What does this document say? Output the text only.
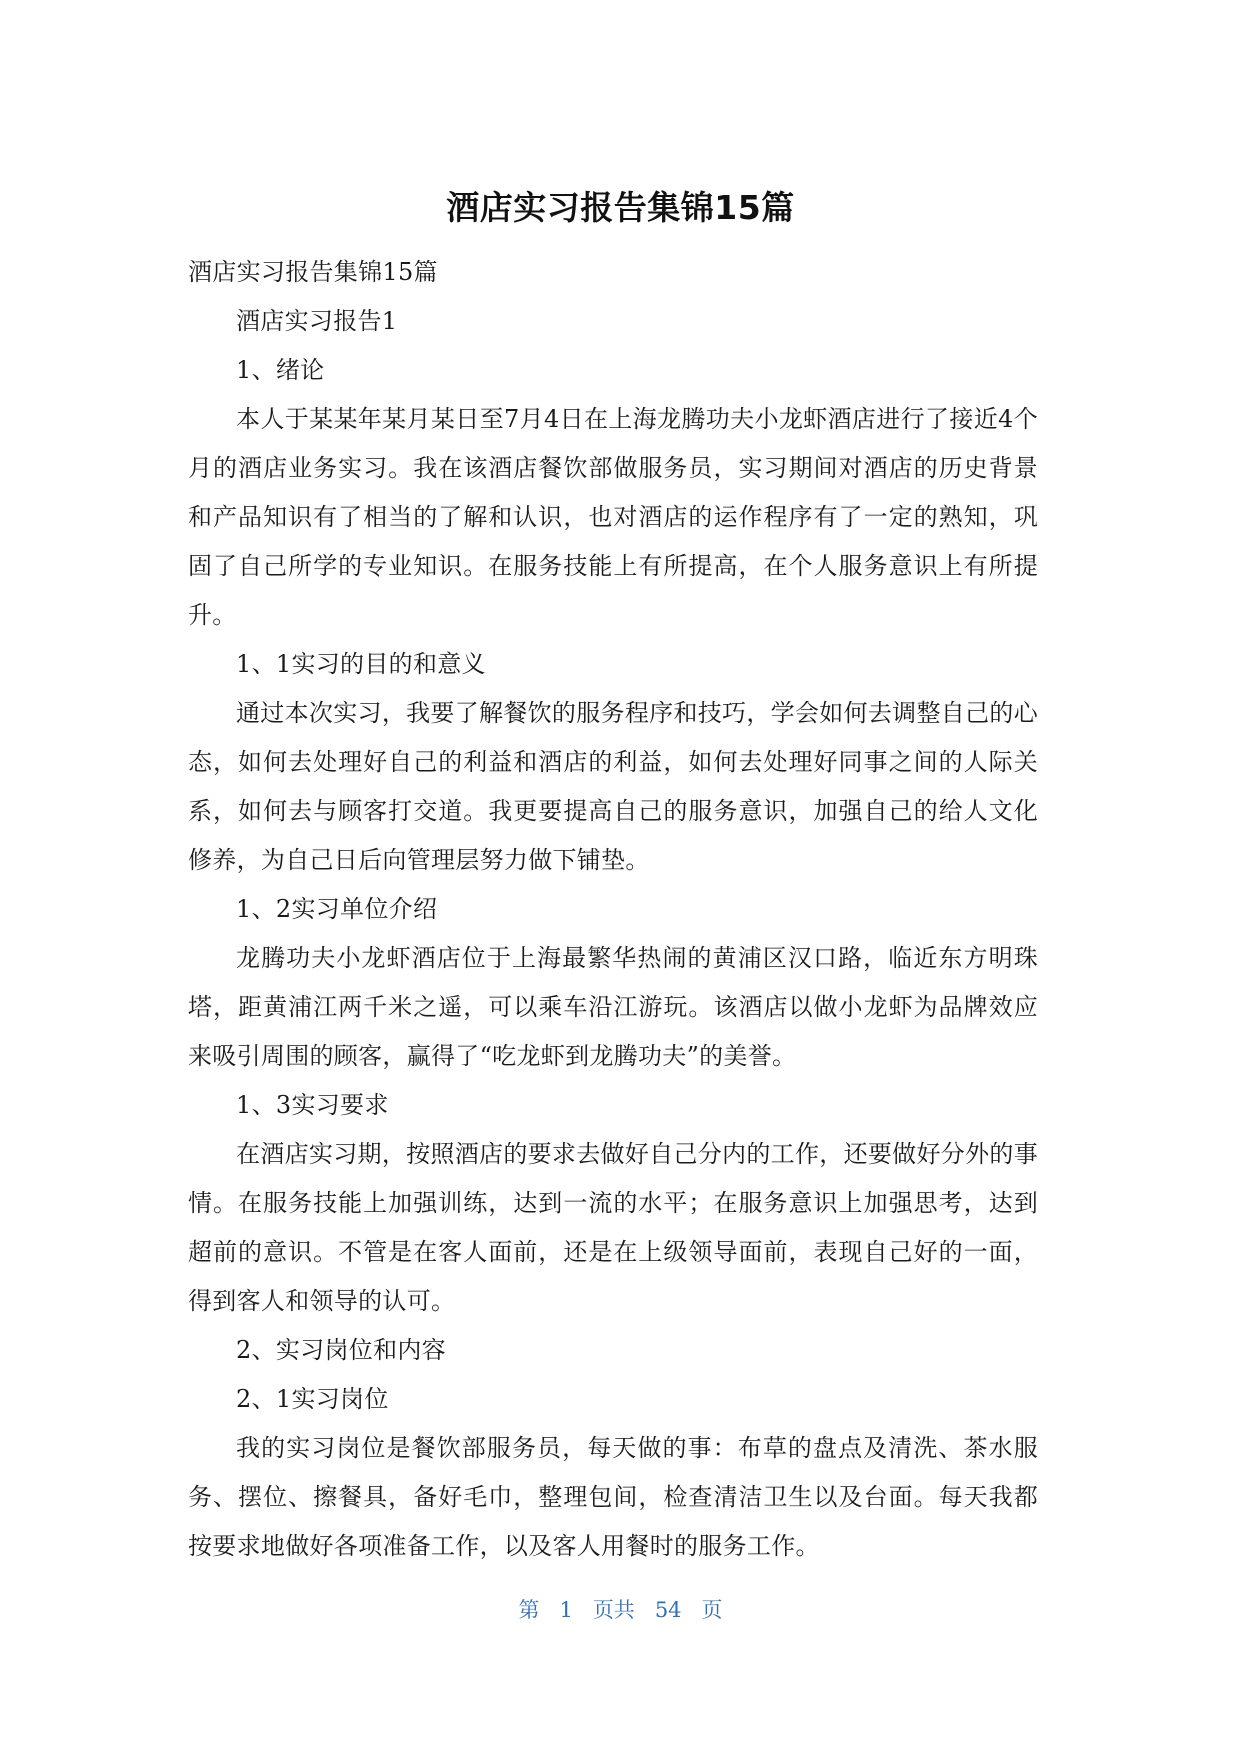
酒店实习报告集锦15篇

酒店实习报告集锦15篇

酒店实习报告1

1、绪论

本人于某某年某月某日至7月4日在上海龙腾功夫小龙虾酒店进行了接近4个月的酒店业务实习。我在该酒店餐饮部做服务员，实习期间对酒店的历史背景和产品知识有了相当的了解和认识，也对酒店的运作程序有了一定的熟知，巩固了自己所学的专业知识。在服务技能上有所提高，在个人服务意识上有所提升。

1、1实习的目的和意义

通过本次实习，我要了解餐饮的服务程序和技巧，学会如何去调整自己的心态，如何去处理好自己的利益和酒店的利益，如何去处理好同事之间的人际关系，如何去与顾客打交道。我更要提高自己的服务意识，加强自己的给人文化修养，为自己日后向管理层努力做下铺垫。

1、2实习单位介绍

龙腾功夫小龙虾酒店位于上海最繁华热闹的黄浦区汉口路，临近东方明珠塔，距黄浦江两千米之遥，可以乘车沿江游玩。该酒店以做小龙虾为品牌效应来吸引周围的顾客，赢得了“吃龙虾到龙腾功夫”的美誉。

1、3实习要求

在酒店实习期，按照酒店的要求去做好自己分内的工作，还要做好分外的事情。在服务技能上加强训练，达到一流的水平；在服务意识上加强思考，达到超前的意识。不管是在客人面前，还是在上级领导面前，表现自己好的一面，得到客人和领导的认可。

2、实习岗位和内容

2、1实习岗位

我的实习岗位是餐饮部服务员，每天做的事：布草的盘点及清洗、茶水服务、摆位、擦餐具，备好毛巾，整理包间，检查清洁卫生以及台面。每天我都按要求地做好各项准备工作，以及客人用餐时的服务工作。

第 1 页共 54 页
